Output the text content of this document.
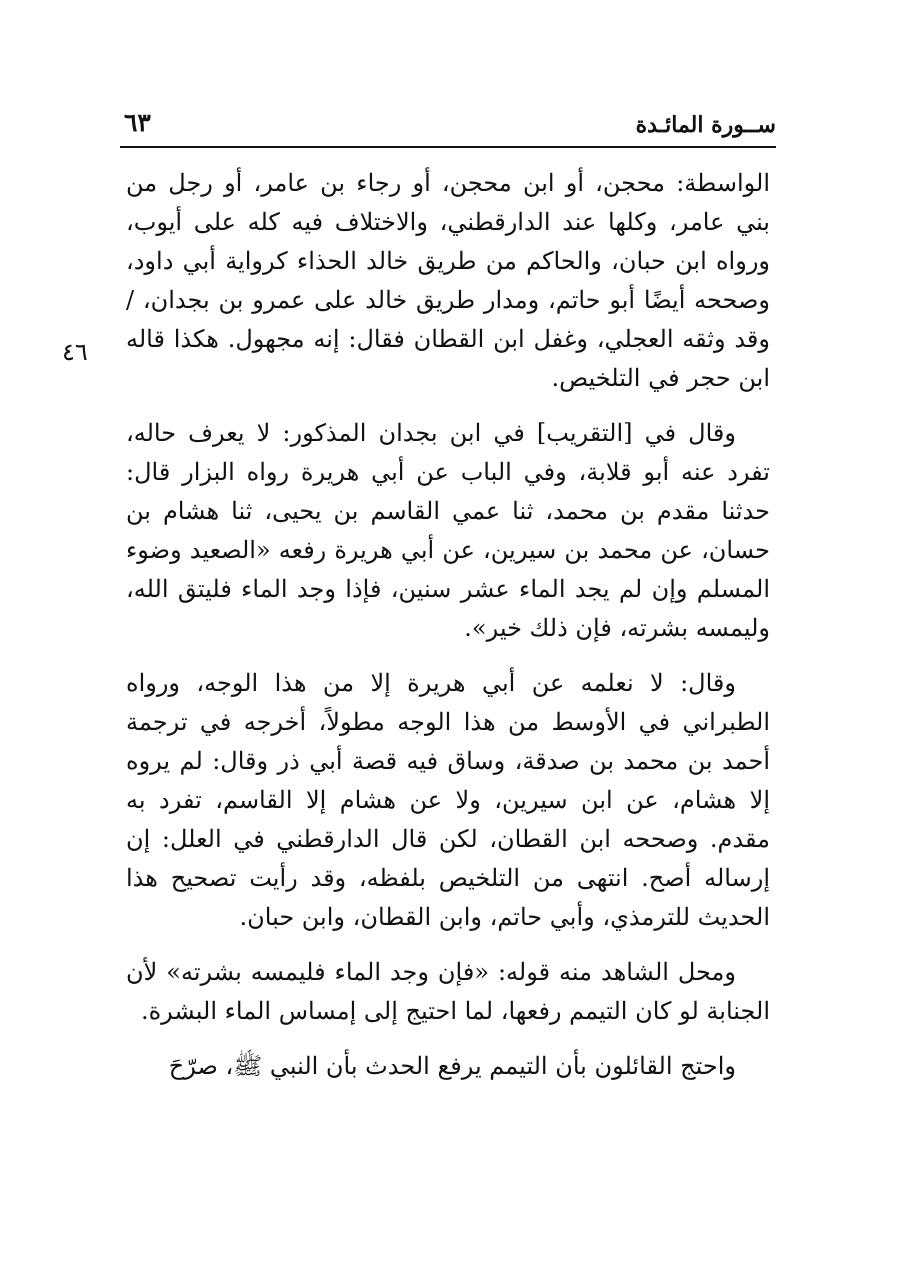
ســورة المائـدة
٦٣
٤٦

الواسطة: محجن، أو ابن محجن، أو رجاء بن عامر، أو رجل من بني عامر، وكلها عند الدارقطني، والاختلاف فيه كله على أيوب، ورواه ابن حبان، والحاكم من طريق خالد الحذاء كرواية أبي داود، وصححه أيضًا أبو حاتم، ومدار طريق خالد على عمرو بن بجدان، / وقد وثقه العجلي، وغفل ابن القطان فقال: إنه مجهول. هكذا قاله ابن حجر في التلخيص.

وقال في [التقريب] في ابن بجدان المذكور: لا يعرف حاله، تفرد عنه أبو قلابة، وفي الباب عن أبي هريرة رواه البزار قال: حدثنا مقدم بن محمد، ثنا عمي القاسم بن يحيى، ثنا هشام بن حسان، عن محمد بن سيرين، عن أبي هريرة رفعه «الصعيد وضوء المسلم وإن لم يجد الماء عشر سنين، فإذا وجد الماء فليتق الله، وليمسه بشرته، فإن ذلك خير».

وقال: لا نعلمه عن أبي هريرة إلا من هذا الوجه، ورواه الطبراني في الأوسط من هذا الوجه مطولاً، أخرجه في ترجمة أحمد بن محمد بن صدقة، وساق فيه قصة أبي ذر وقال: لم يروه إلا هشام، عن ابن سيرين، ولا عن هشام إلا القاسم، تفرد به مقدم. وصححه ابن القطان، لكن قال الدارقطني في العلل: إن إرساله أصح. انتهى من التلخيص بلفظه، وقد رأيت تصحيح هذا الحديث للترمذي، وأبي حاتم، وابن القطان، وابن حبان.

ومحل الشاهد منه قوله: «فإن وجد الماء فليمسه بشرته» لأن الجنابة لو كان التيمم رفعها، لما احتيج إلى إمساس الماء البشرة.

واحتج القائلون بأن التيمم يرفع الحدث بأن النبي ﷺ، صرّحَ
